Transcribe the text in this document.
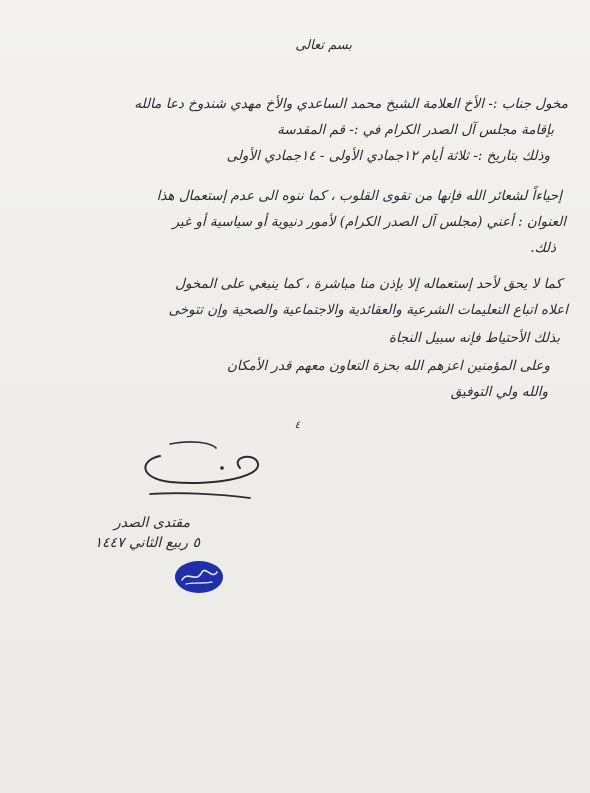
بسم تعالى
مخول جناب :- الأخ العلامة الشيخ محمد الساعدي والأخ مهدي شندوخ دعا مالله
بإقامة مجلس آل الصدر الكرام في :- قم المقدسة
وذلك بتاريخ :- ثلاثة أيام ١٢جمادي الأولى - ١٤جمادي الأولى
إحياءاً لشعائر الله فإنها من تقوى القلوب ، كما ننوه الى عدم إستعمال هذا
العنوان : أعني (مجلس آل الصدر الكرام) لأمور دنيوية أو سياسية أو غير
ذلك.
كما لا يحق لأحد إستعماله إلا بإذن منا مباشرة ، كما ينبغي على المخول
اعلاه اتباع التعليمات الشرعية والعقائدية والاجتماعية والصحية وإن تتوخى
بذلك الأحتياط فإنه سبيل النجاة
وعلى المؤمنين اعزهم الله بحزة التعاون معهم قدر الأمكان
والله ولي التوفيق
٤
مقتدى الصدر
٥ ربيع الثاني ١٤٤٧
